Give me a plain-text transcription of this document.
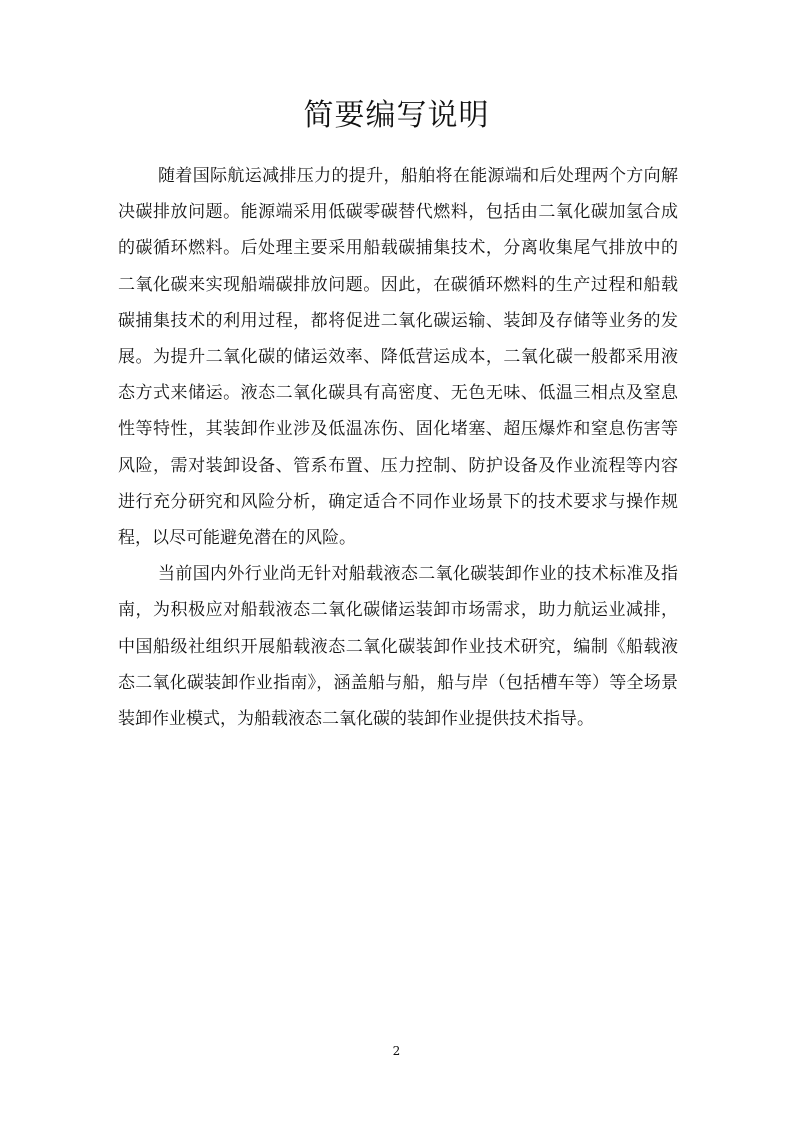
简要编写说明

随着国际航运减排压力的提升，船舶将在能源端和后处理两个方向解决碳排放问题。能源端采用低碳零碳替代燃料，包括由二氧化碳加氢合成的碳循环燃料。后处理主要采用船载碳捕集技术，分离收集尾气排放中的二氧化碳来实现船端碳排放问题。因此，在碳循环燃料的生产过程和船载碳捕集技术的利用过程，都将促进二氧化碳运输、装卸及存储等业务的发展。为提升二氧化碳的储运效率、降低营运成本，二氧化碳一般都采用液态方式来储运。液态二氧化碳具有高密度、无色无味、低温三相点及窒息性等特性，其装卸作业涉及低温冻伤、固化堵塞、超压爆炸和窒息伤害等风险，需对装卸设备、管系布置、压力控制、防护设备及作业流程等内容进行充分研究和风险分析，确定适合不同作业场景下的技术要求与操作规程，以尽可能避免潜在的风险。

当前国内外行业尚无针对船载液态二氧化碳装卸作业的技术标准及指南，为积极应对船载液态二氧化碳储运装卸市场需求，助力航运业减排，中国船级社组织开展船载液态二氧化碳装卸作业技术研究，编制《船载液态二氧化碳装卸作业指南》，涵盖船与船，船与岸（包括槽车等）等全场景装卸作业模式，为船载液态二氧化碳的装卸作业提供技术指导。

2
